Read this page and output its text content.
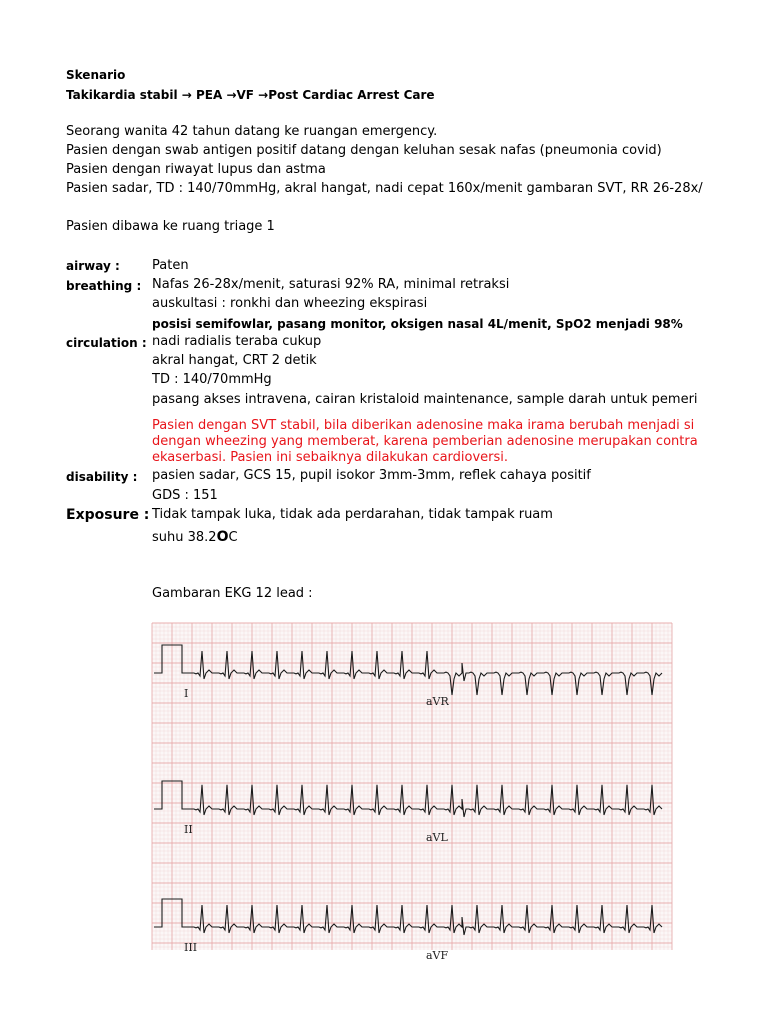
Skenario
Takikardia stabil → PEA →VF →Post Cardiac Arrest Care
Seorang wanita 42 tahun datang ke ruangan emergency.
Pasien dengan swab antigen positif datang dengan keluhan sesak nafas (pneumonia covid)
Pasien dengan riwayat lupus dan astma
Pasien sadar, TD : 140/70mmHg, akral hangat, nadi cepat 160x/menit gambaran SVT, RR 26-28x/
Pasien dibawa ke ruang triage 1
airway : Paten
breathing : Nafas 26-28x/menit, saturasi 92% RA, minimal retraksi
auskultasi : ronkhi dan wheezing ekspirasi
posisi semifowlar, pasang monitor, oksigen nasal 4L/menit, SpO2 menjadi 98%
circulation : nadi radialis teraba cukup
akral hangat, CRT 2 detik
TD : 140/70mmHg
pasang akses intravena, cairan kristaloid maintenance, sample darah untuk pemeri
Pasien dengan SVT stabil, bila diberikan adenosine maka irama berubah menjadi si
dengan wheezing yang memberat, karena pemberian adenosine merupakan contra
ekaserbasi. Pasien ini sebaiknya dilakukan cardioversi.
disability : pasien sadar, GCS 15, pupil isokor 3mm-3mm, reflek cahaya positif
GDS : 151
Exposure : Tidak tampak luka, tidak ada perdarahan, tidak tampak ruam
suhu 38.2OC
Gambaran EKG 12 lead :
I
aVR
II
aVL
III
aVF
